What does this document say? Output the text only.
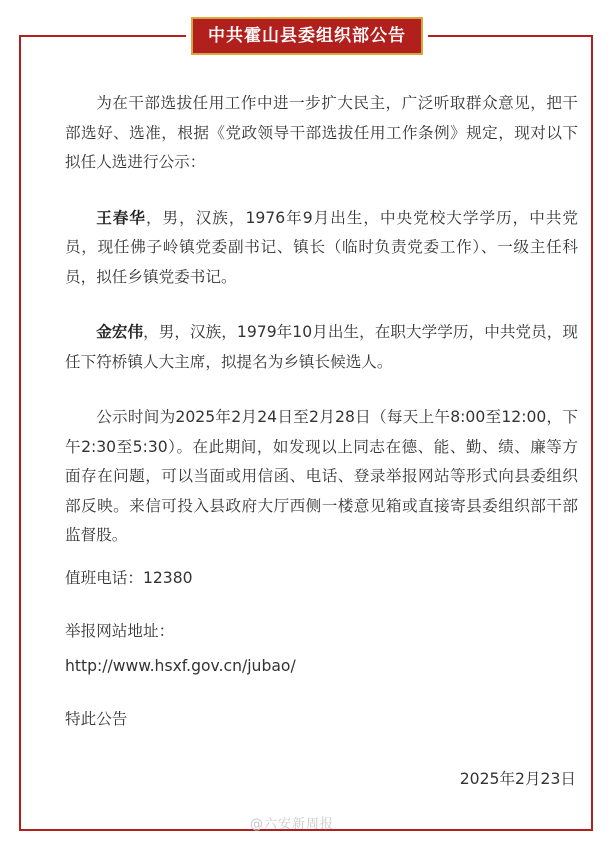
中共霍山县委组织部公告

为在干部选拔任用工作中进一步扩大民主，广泛听取群众意见，把干部选好、选准，根据《党政领导干部选拔任用工作条例》规定，现对以下拟任人选进行公示：

王春华，男，汉族，1976年9月出生，中央党校大学学历，中共党员，现任佛子岭镇党委副书记、镇长（临时负责党委工作）、一级主任科员，拟任乡镇党委书记。

金宏伟，男，汉族，1979年10月出生，在职大学学历，中共党员，现任下符桥镇人大主席，拟提名为乡镇长候选人。

公示时间为2025年2月24日至2月28日（每天上午8:00至12:00，下午2:30至5:30）。在此期间，如发现以上同志在德、能、勤、绩、廉等方面存在问题，可以当面或用信函、电话、登录举报网站等形式向县委组织部反映。来信可投入县政府大厅西侧一楼意见箱或直接寄县委组织部干部监督股。

值班电话：12380
举报网站地址：
http://www.hsxf.gov.cn/jubao/
特此公告
2025年2月23日
@六安新周报
